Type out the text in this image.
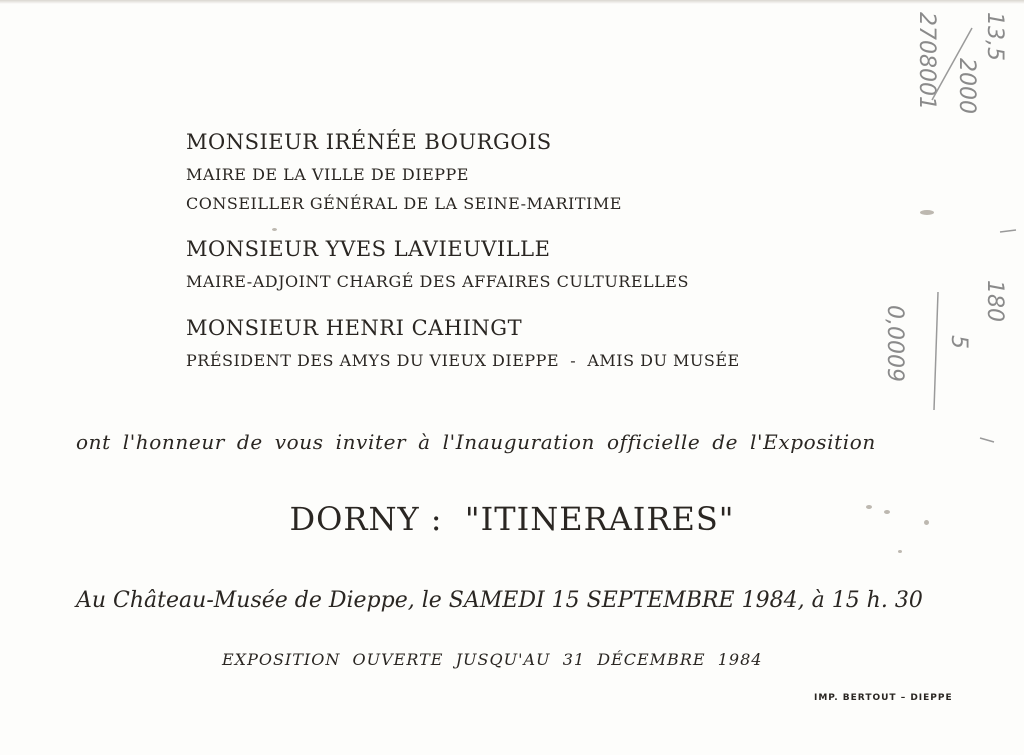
MONSIEUR IRÉNÉE BOURGOIS
MAIRE DE LA VILLE DE DIEPPE
CONSEILLER GÉNÉRAL DE LA SEINE-MARITIME
MONSIEUR YVES LAVIEUVILLE
MAIRE-ADJOINT CHARGÉ DES AFFAIRES CULTURELLES
MONSIEUR HENRI CAHINGT
PRÉSIDENT DES AMYS DU VIEUX DIEPPE  -  AMIS DU MUSÉE
ont l'honneur de vous inviter à l'Inauguration officielle de l'Exposition
DORNY :  "ITINERAIRES"
Au Château-Musée de Dieppe, le SAMEDI 15 SEPTEMBRE 1984, à 15 h. 30
EXPOSITION  OUVERTE  JUSQU'AU  31  DÉCEMBRE  1984
IMP. BERTOUT – DIEPPE
13,5
2000
2708001
180
0,0009 5
